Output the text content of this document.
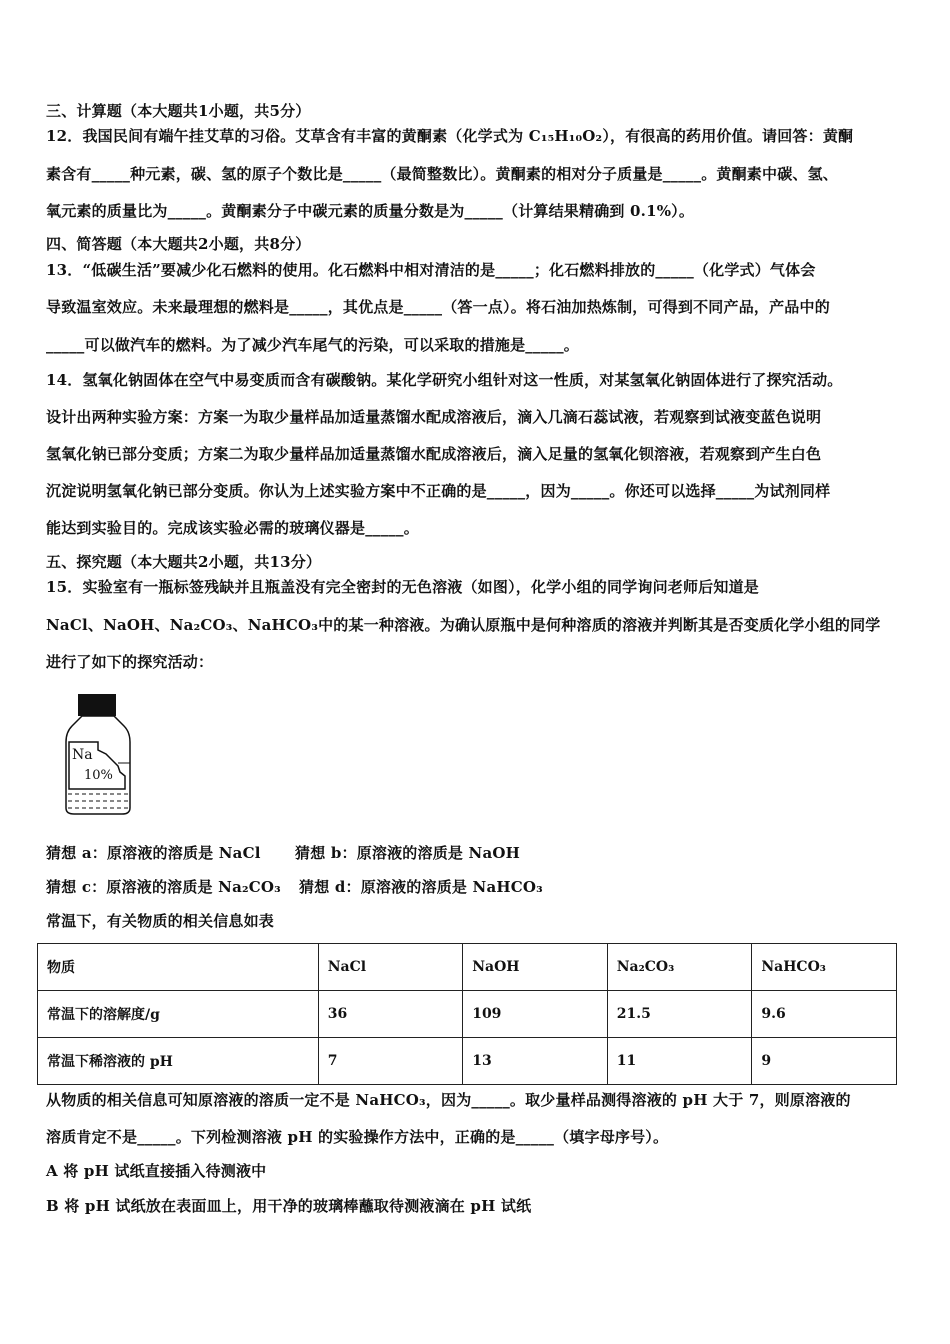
三、计算题（本大题共1小题，共5分）
12．我国民间有端午挂艾草的习俗。艾草含有丰富的黄酮素（化学式为 C₁₅H₁₀O₂），有很高的药用价值。请回答：黄酮
素含有_____种元素，碳、氢的原子个数比是_____（最简整数比）。黄酮素的相对分子质量是_____。黄酮素中碳、氢、
氧元素的质量比为_____。黄酮素分子中碳元素的质量分数是为_____（计算结果精确到 0.1%）。
四、简答题（本大题共2小题，共8分）
13．“低碳生活”要减少化石燃料的使用。化石燃料中相对清洁的是_____；化石燃料排放的_____（化学式）气体会
导致温室效应。未来最理想的燃料是_____，其优点是_____（答一点）。将石油加热炼制，可得到不同产品，产品中的
_____可以做汽车的燃料。为了减少汽车尾气的污染，可以采取的措施是_____。
14．氢氧化钠固体在空气中易变质而含有碳酸钠。某化学研究小组针对这一性质，对某氢氧化钠固体进行了探究活动。
设计出两种实验方案：方案一为取少量样品加适量蒸馏水配成溶液后，滴入几滴石蕊试液，若观察到试液变蓝色说明
氢氧化钠已部分变质；方案二为取少量样品加适量蒸馏水配成溶液后，滴入足量的氢氧化钡溶液，若观察到产生白色
沉淀说明氢氧化钠已部分变质。你认为上述实验方案中不正确的是_____，因为_____。你还可以选择_____为试剂同样
能达到实验目的。完成该实验必需的玻璃仪器是_____。
五、探究题（本大题共2小题，共13分）
15．实验室有一瓶标签残缺并且瓶盖没有完全密封的无色溶液（如图），化学小组的同学询问老师后知道是
NaCl、NaOH、Na₂CO₃、NaHCO₃中的某一种溶液。为确认原瓶中是何种溶质的溶液并判断其是否变质化学小组的同学
进行了如下的探究活动：
Na
10%
猜想 a：原溶液的溶质是 NaCl 猜想 b：原溶液的溶质是 NaOH
猜想 c：原溶液的溶质是 Na₂CO₃ 猜想 d：原溶液的溶质是 NaHCO₃
常温下，有关物质的相关信息如表
物质	NaCl	NaOH	Na₂CO₃	NaHCO₃
常温下的溶解度/g	36	109	21.5	9.6
常温下稀溶液的 pH	7	13	11	9
从物质的相关信息可知原溶液的溶质一定不是 NaHCO₃，因为_____。取少量样品测得溶液的 pH 大于 7，则原溶液的
溶质肯定不是_____。下列检测溶液 pH 的实验操作方法中，正确的是_____（填字母序号）。
A 将 pH 试纸直接插入待测液中
B 将 pH 试纸放在表面皿上，用干净的玻璃棒蘸取待测液滴在 pH 试纸
